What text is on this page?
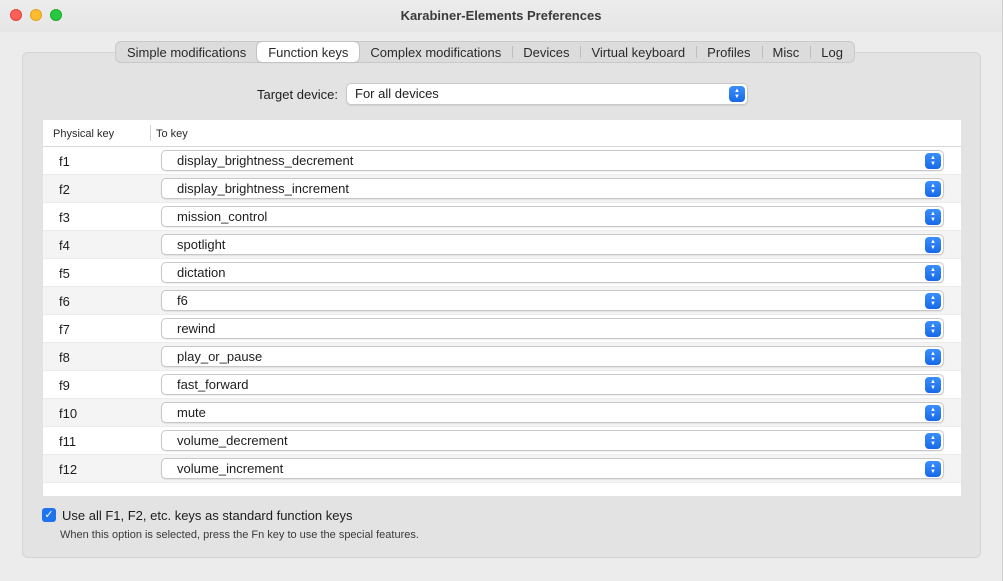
Karabiner-Elements Preferences
Simple modifications	Function keys	Complex modifications	Devices	Virtual keyboard	Profiles	Misc	Log
Target device: For all devices	▲
▼
Physical key	To key
f1	display_brightness_decrement	▲
▼
f2	display_brightness_increment	▲
▼
f3	mission_control	▲
▼
f4	spotlight	▲
▼
f5	dictation	▲
▼
f6	f6	▲
▼
f7	rewind	▲
▼
f8	play_or_pause	▲
▼
f9	fast_forward	▲
▼
f10	mute	▲
▼
f11	volume_decrement	▲
▼
f12	volume_increment	▲
▼
✓ Use all F1, F2, etc. keys as standard function keys
When this option is selected, press the Fn key to use the special features.
